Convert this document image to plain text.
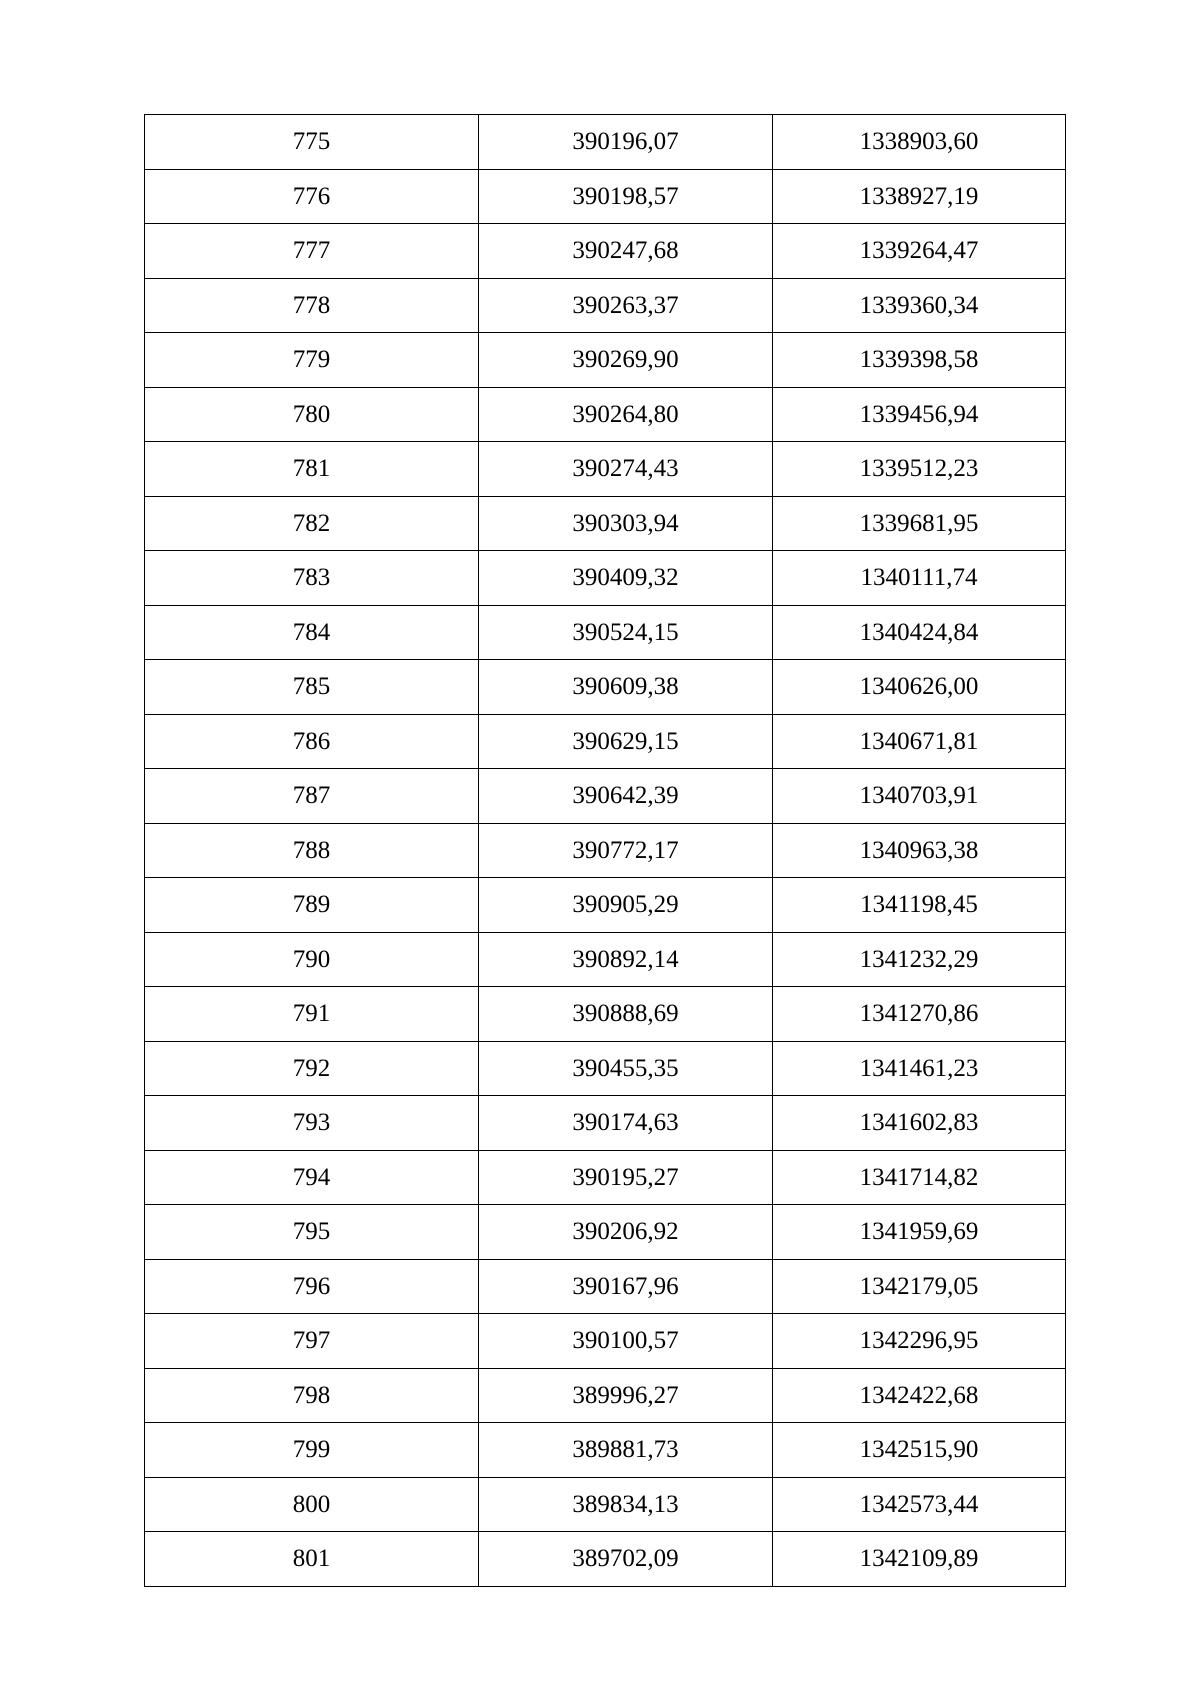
775	390196,07	1338903,60
776	390198,57	1338927,19
777	390247,68	1339264,47
778	390263,37	1339360,34
779	390269,90	1339398,58
780	390264,80	1339456,94
781	390274,43	1339512,23
782	390303,94	1339681,95
783	390409,32	1340111,74
784	390524,15	1340424,84
785	390609,38	1340626,00
786	390629,15	1340671,81
787	390642,39	1340703,91
788	390772,17	1340963,38
789	390905,29	1341198,45
790	390892,14	1341232,29
791	390888,69	1341270,86
792	390455,35	1341461,23
793	390174,63	1341602,83
794	390195,27	1341714,82
795	390206,92	1341959,69
796	390167,96	1342179,05
797	390100,57	1342296,95
798	389996,27	1342422,68
799	389881,73	1342515,90
800	389834,13	1342573,44
801	389702,09	1342109,89
